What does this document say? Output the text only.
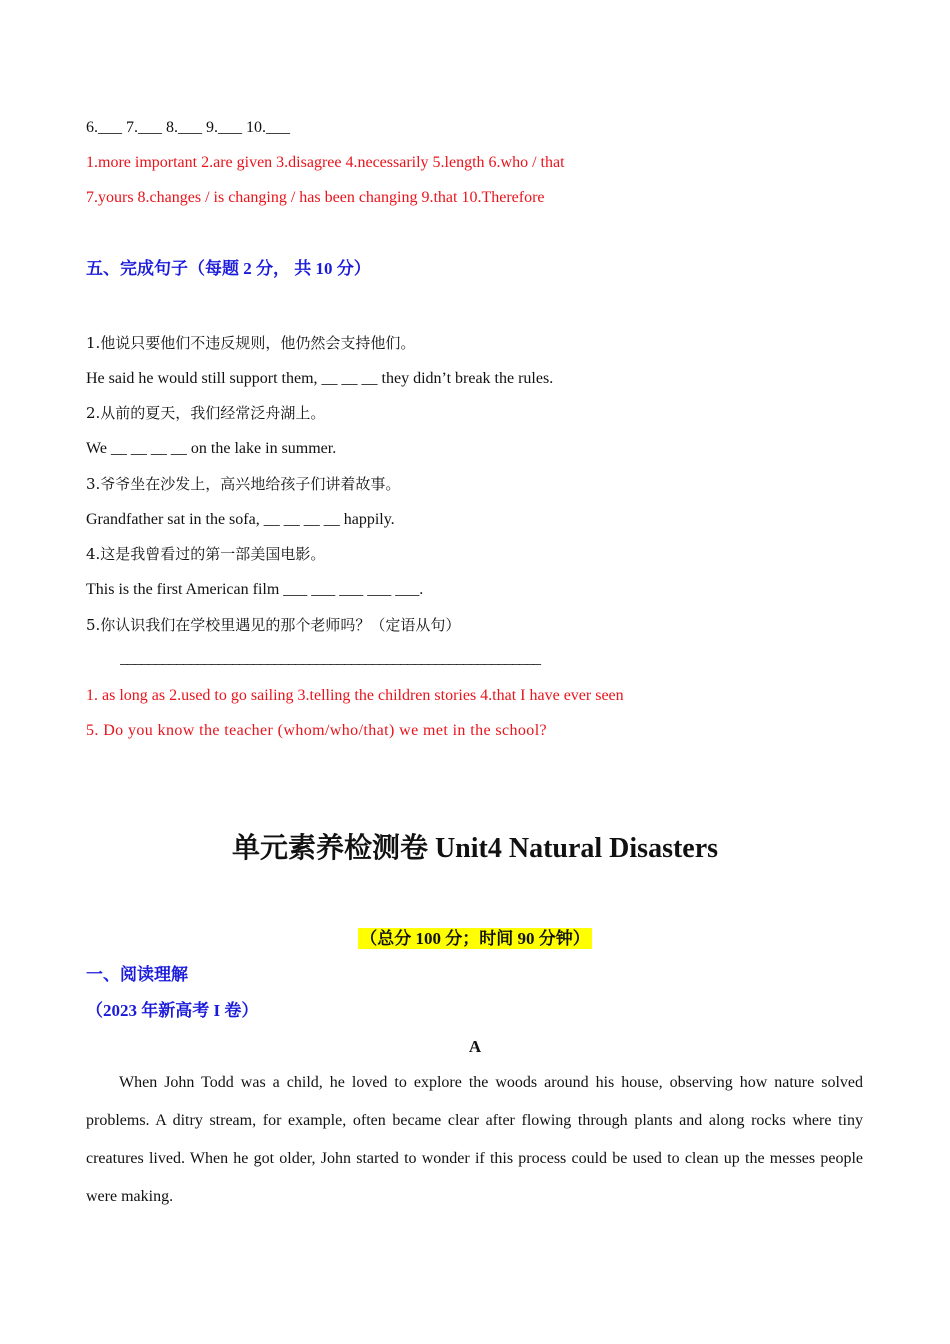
6.___ 7.___ 8.___ 9.___ 10.___
1.more important 2.are given 3.disagree 4.necessarily 5.length 6.who / that
7.yours 8.changes / is changing / has been changing 9.that 10.Therefore
五、完成句子（每题 2 分， 共 10 分）
1.他说只要他们不违反规则，他仍然会支持他们。
He said he would still support them, __ __ __ they didn’t break the rules.
2.从前的夏天，我们经常泛舟湖上。
We __ __ __ __ on the lake in summer.
3.爷爷坐在沙发上，高兴地给孩子们讲着故事。
Grandfather sat in the sofa, __ __ __ __ happily.
4.这是我曾看过的第一部美国电影。
This is the first American film ___ ___ ___ ___ ___.
5.你认识我们在学校里遇见的那个老师吗？（定语从句）
____________________________________________________________
1. as long as 2.used to go sailing 3.telling the children stories 4.that I have ever seen
5. Do you know the teacher (whom/who/that) we met in the school?
单元素养检测卷 Unit4 Natural Disasters
（总分 100 分；时间 90 分钟）
一、阅读理解
（2023 年新高考 I 卷）
A
When John Todd was a child, he loved to explore the woods around his house, observing how nature solved problems. A ditry stream, for example, often became clear after flowing through plants and along rocks where tiny creatures lived. When he got older, John started to wonder if this process could be used to clean up the messes people were making.
